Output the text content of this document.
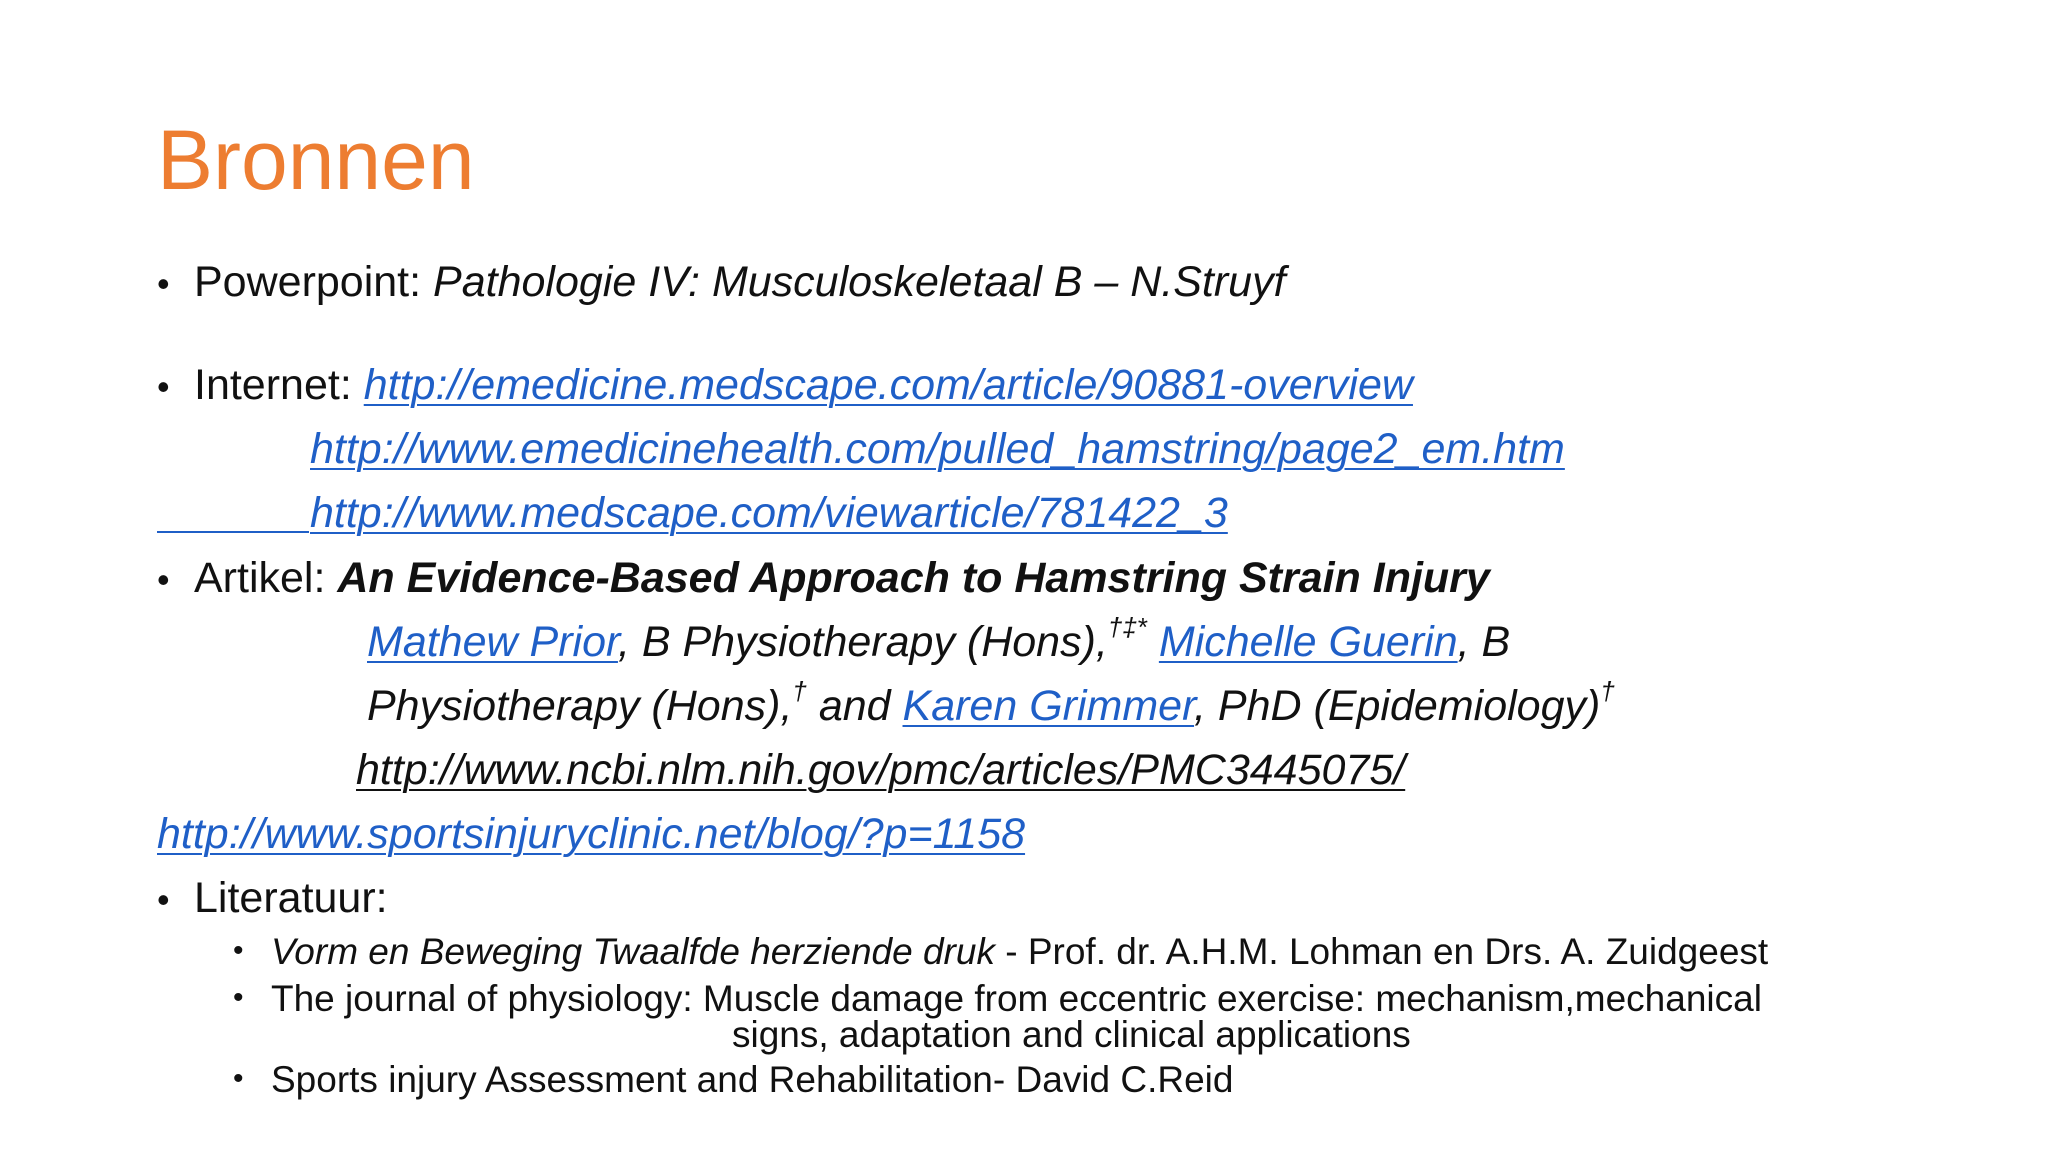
Bronnen
• Powerpoint: Pathologie IV: Musculoskeletaal B – N.Struyf
• Internet: http://emedicine.medscape.com/article/90881-overview
http://www.emedicinehealth.com/pulled_hamstring/page2_em.htm
http://www.medscape.com/viewarticle/781422_3
• Artikel: An Evidence-Based Approach to Hamstring Strain Injury
Mathew Prior, B Physiotherapy (Hons),†‡* Michelle Guerin, B
Physiotherapy (Hons),† and Karen Grimmer, PhD (Epidemiology)†
http://www.ncbi.nlm.nih.gov/pmc/articles/PMC3445075/
http://www.sportsinjuryclinic.net/blog/?p=1158
• Literatuur:
• Vorm en Beweging Twaalfde herziende druk - Prof. dr. A.H.M. Lohman en Drs. A. Zuidgeest
• The journal of physiology: Muscle damage from eccentric exercise: mechanism,mechanical
signs, adaptation and clinical applications
• Sports injury Assessment and Rehabilitation- David C.Reid
